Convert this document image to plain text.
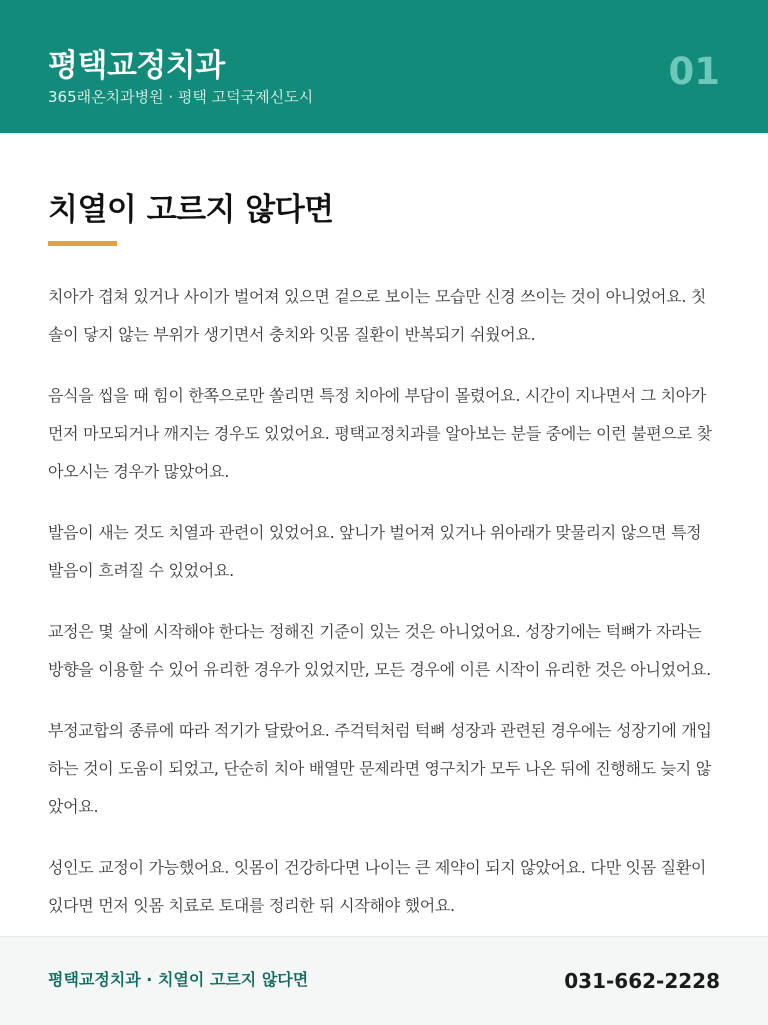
평택교정치과
365래온치과병원 · 평택 고덕국제신도시
01
치열이 고르지 않다면

치아가 겹쳐 있거나 사이가 벌어져 있으면 겉으로 보이는 모습만 신경 쓰이는 것이 아니었어요. 칫솔이 닿지 않는 부위가 생기면서 충치와 잇몸 질환이 반복되기 쉬웠어요.

음식을 씹을 때 힘이 한쪽으로만 쏠리면 특정 치아에 부담이 몰렸어요. 시간이 지나면서 그 치아가 먼저 마모되거나 깨지는 경우도 있었어요. 평택교정치과를 알아보는 분들 중에는 이런 불편으로 찾아오시는 경우가 많았어요.

발음이 새는 것도 치열과 관련이 있었어요. 앞니가 벌어져 있거나 위아래가 맞물리지 않으면 특정 발음이 흐려질 수 있었어요.

교정은 몇 살에 시작해야 한다는 정해진 기준이 있는 것은 아니었어요. 성장기에는 턱뼈가 자라는 방향을 이용할 수 있어 유리한 경우가 있었지만, 모든 경우에 이른 시작이 유리한 것은 아니었어요.

부정교합의 종류에 따라 적기가 달랐어요. 주걱턱처럼 턱뼈 성장과 관련된 경우에는 성장기에 개입하는 것이 도움이 되었고, 단순히 치아 배열만 문제라면 영구치가 모두 나온 뒤에 진행해도 늦지 않았어요.

성인도 교정이 가능했어요. 잇몸이 건강하다면 나이는 큰 제약이 되지 않았어요. 다만 잇몸 질환이 있다면 먼저 잇몸 치료로 토대를 정리한 뒤 시작해야 했어요.

평택교정치과 · 치열이 고르지 않다면	031-662-2228
